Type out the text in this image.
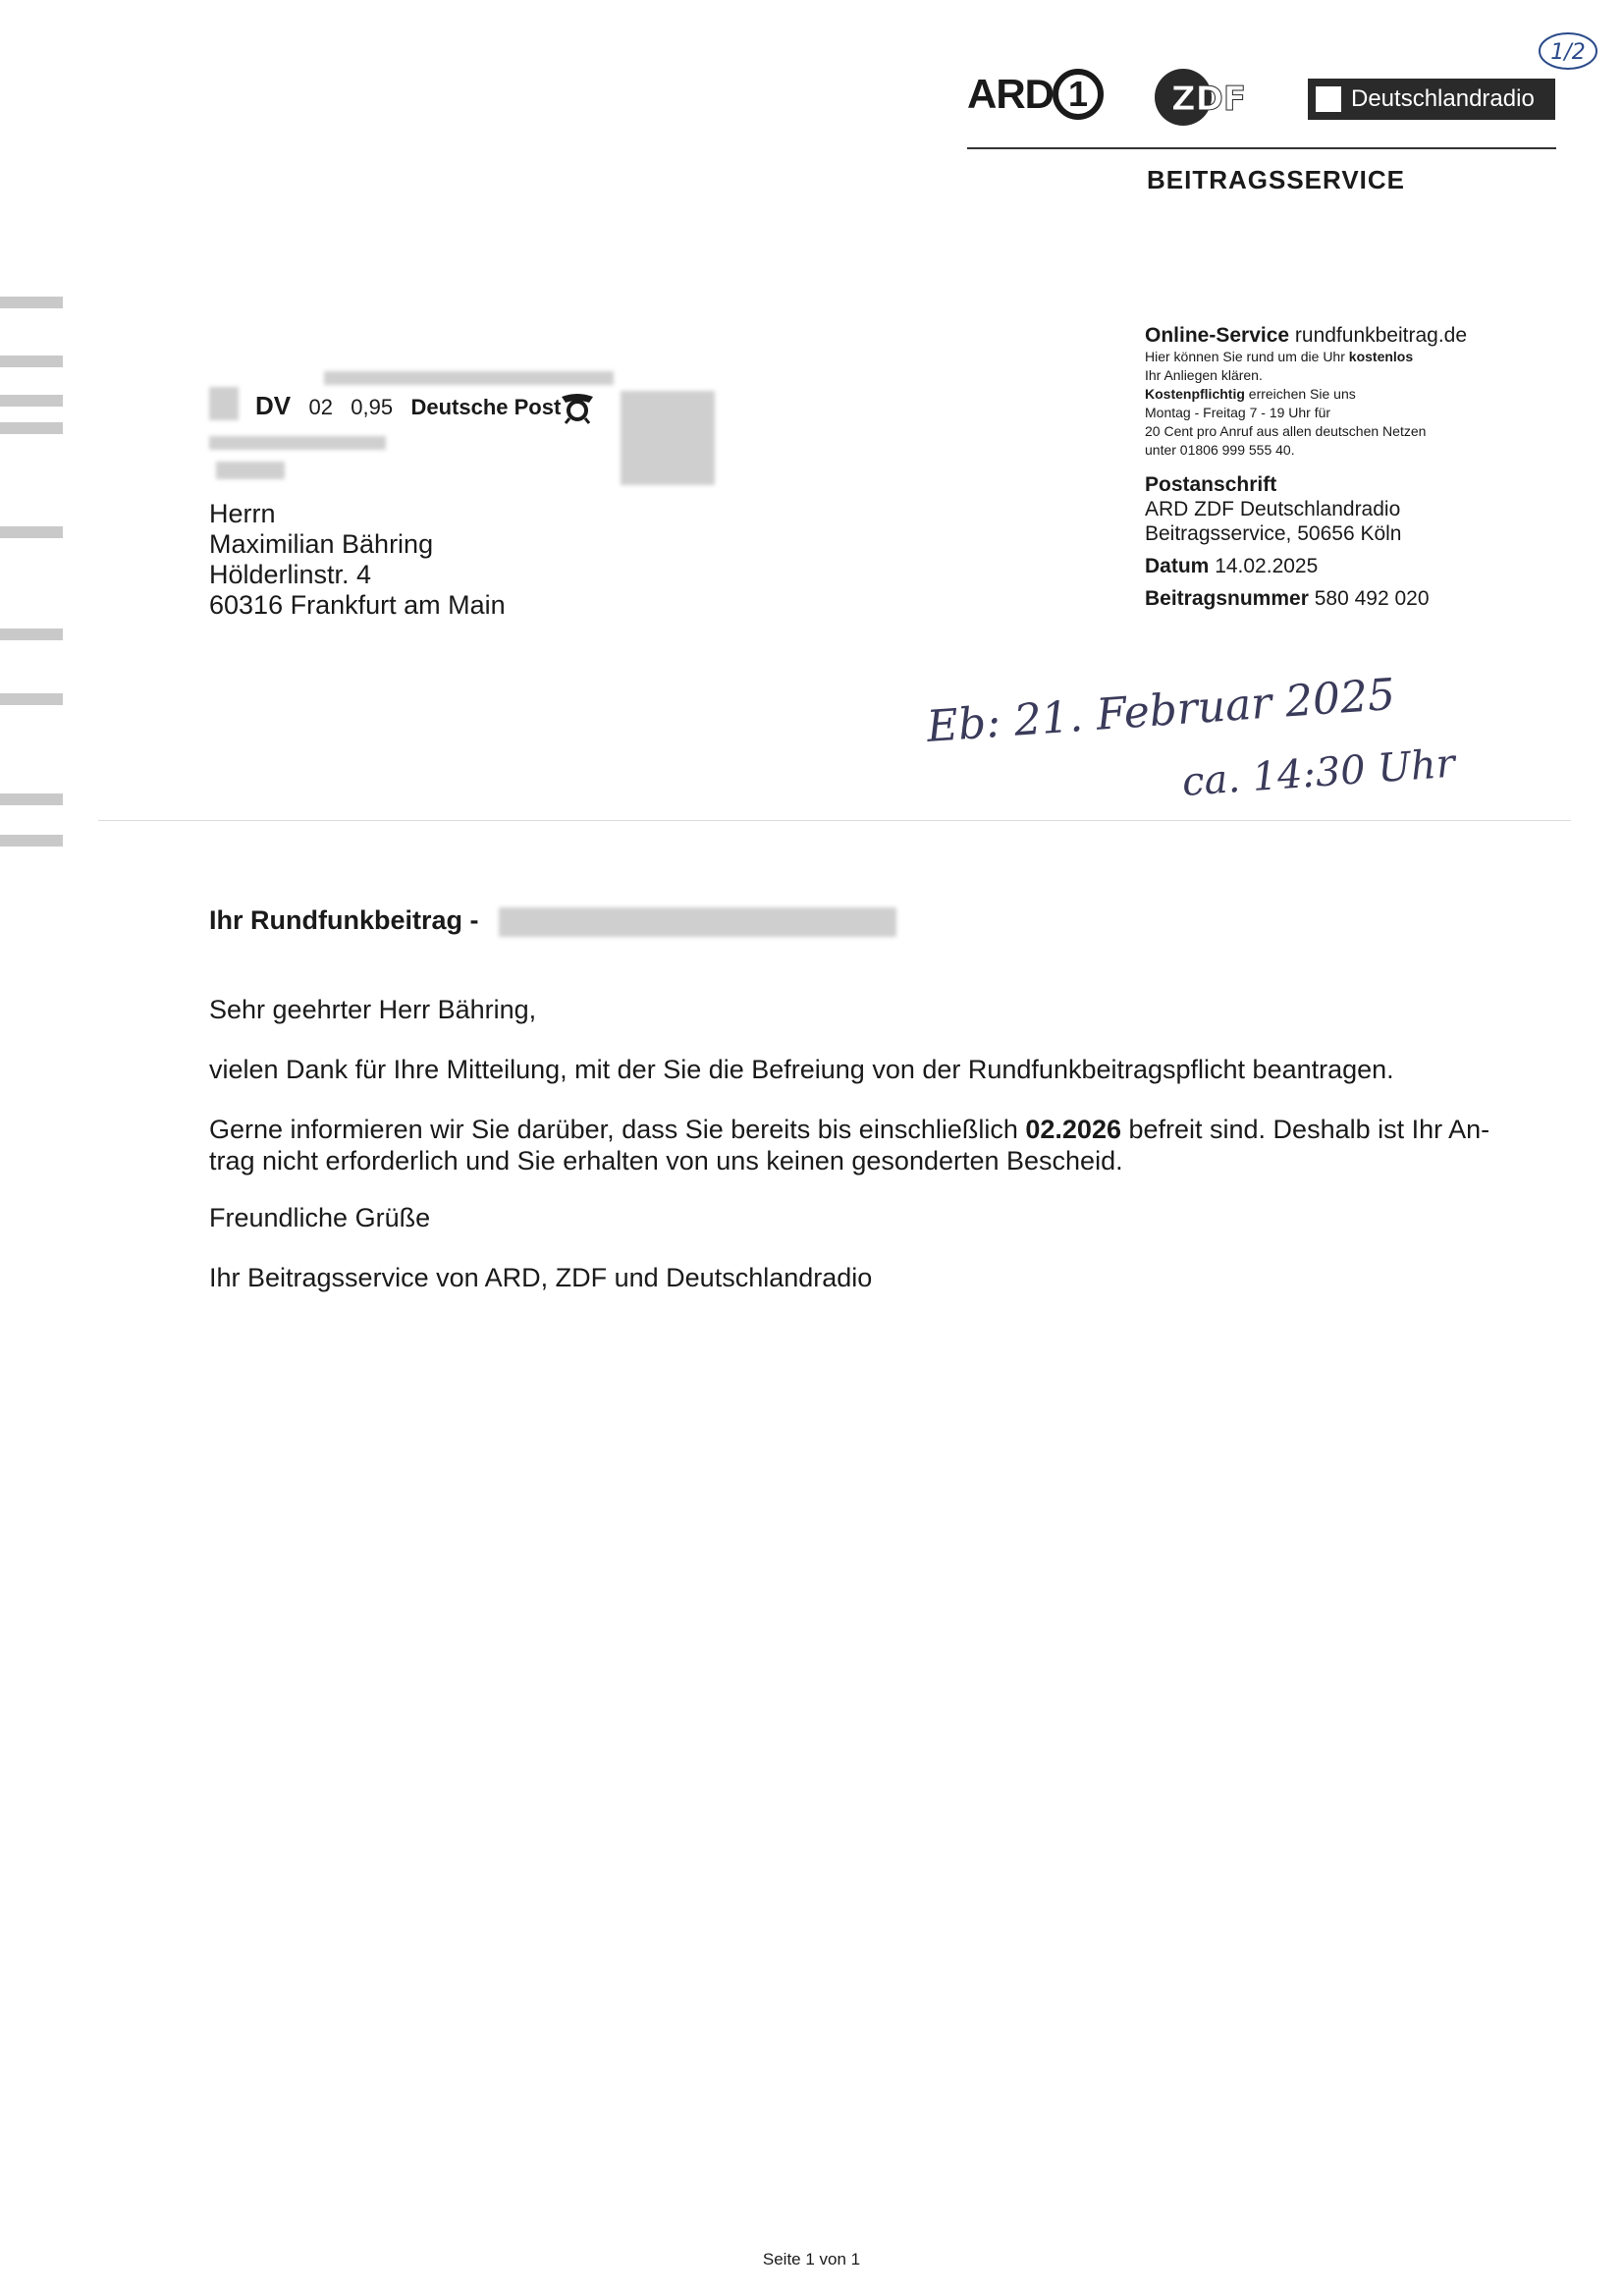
1/2
ARD 1	ZDF	Deutschlandradio
BEITRAGSSERVICE
DV 02 0,95 Deutsche Post
Herrn
Maximilian Bähring
Hölderlinstr. 4
60316 Frankfurt am Main
Online-Service rundfunkbeitrag.de
Hier können Sie rund um die Uhr kostenlos
Ihr Anliegen klären.
Kostenpflichtig erreichen Sie uns
Montag - Freitag 7 - 19 Uhr für
20 Cent pro Anruf aus allen deutschen Netzen
unter 01806 999 555 40.
Postanschrift
ARD ZDF Deutschlandradio
Beitragsservice, 50656 Köln
Datum 14.02.2025
Beitragsnummer 580 492 020
Eb: 21. Februar 2025
ca. 14:30 Uhr
Ihr Rundfunkbeitrag -
Sehr geehrter Herr Bähring,
vielen Dank für Ihre Mitteilung, mit der Sie die Befreiung von der Rundfunkbeitragspflicht beantragen.
Gerne informieren wir Sie darüber, dass Sie bereits bis einschließlich 02.2026 befreit sind. Deshalb ist Ihr An-
trag nicht erforderlich und Sie erhalten von uns keinen gesonderten Bescheid.
Freundliche Grüße
Ihr Beitragsservice von ARD, ZDF und Deutschlandradio
Seite 1 von 1
